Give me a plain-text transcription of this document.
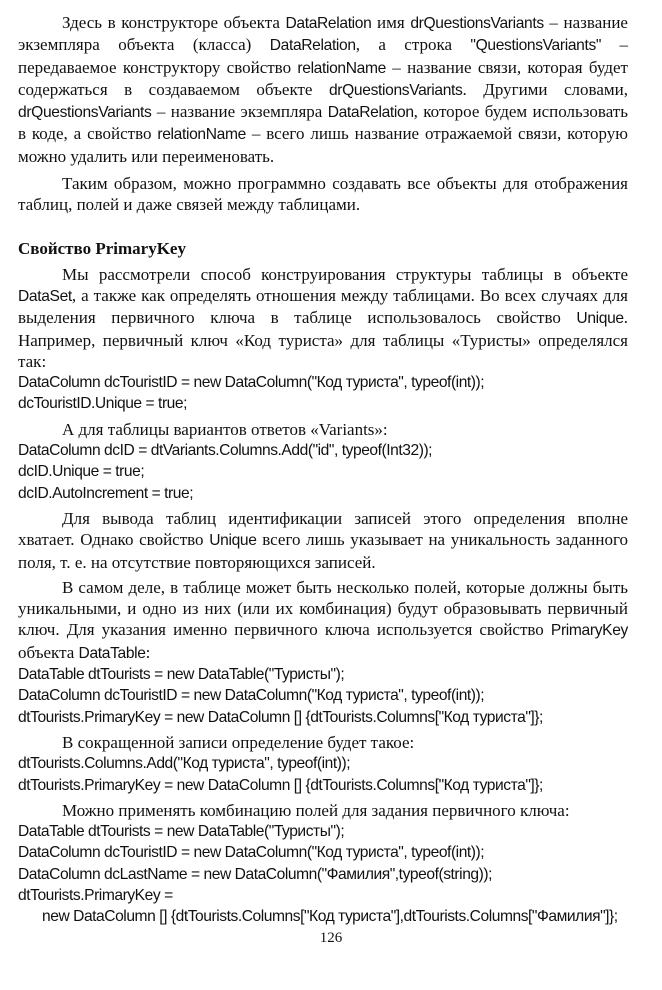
Здесь в конструкторе объекта DataRelation имя drQuestionsVariants – название экземпляра объекта (класса) DataRelation, а строка "QuestionsVariants" – передаваемое конструктору свойство relationName – название связи, которая будет содержаться в создаваемом объекте drQuestionsVariants. Другими словами, drQuestionsVariants – название экземпляра DataRelation, которое будем использовать в коде, а свойство relationName – всего лишь название отражаемой связи, которую можно удалить или переименовать.

Таким образом, можно программно создавать все объекты для отображения таблиц, полей и даже связей между таблицами.

Свойство PrimaryKey

Мы рассмотрели способ конструирования структуры таблицы в объекте DataSet, а также как определять отношения между таблицами. Во всех случаях для выделения первичного ключа в таблице использовалось свойство Unique. Например, первичный ключ «Код туриста» для таблицы «Туристы» определялся так:

DataColumn dcTouristID = new DataColumn("Код туриста", typeof(int));

dcTouristID.Unique = true;

А для таблицы вариантов ответов «Variants»:

DataColumn dcID = dtVariants.Columns.Add("id", typeof(Int32));

dcID.Unique = true;

dcID.AutoIncrement = true;

Для вывода таблиц идентификации записей этого определения вполне хватает. Однако свойство Unique всего лишь указывает на уникальность заданного поля, т. е. на отсутствие повторяющихся записей.

В самом деле, в таблице может быть несколько полей, которые должны быть уникальными, и одно из них (или их комбинация) будут образовывать первичный ключ. Для указания именно первичного ключа используется свойство PrimaryKey объекта DataTable:

DataTable dtTourists = new DataTable("Туристы");

DataColumn dcTouristID = new DataColumn("Код туриста", typeof(int));

dtTourists.PrimaryKey = new DataColumn [] {dtTourists.Columns["Код туриста"]};

В сокращенной записи определение будет такое:

dtTourists.Columns.Add("Код туриста", typeof(int));

dtTourists.PrimaryKey = new DataColumn [] {dtTourists.Columns["Код туриста"]};

Можно применять комбинацию полей для задания первичного ключа:

DataTable dtTourists = new DataTable("Туристы");

DataColumn dcTouristID = new DataColumn("Код туриста", typeof(int));

DataColumn dcLastName = new DataColumn("Фамилия",typeof(string));

dtTourists.PrimaryKey =

new DataColumn [] {dtTourists.Columns["Код туриста"],dtTourists.Columns["Фамилия"]};

126
